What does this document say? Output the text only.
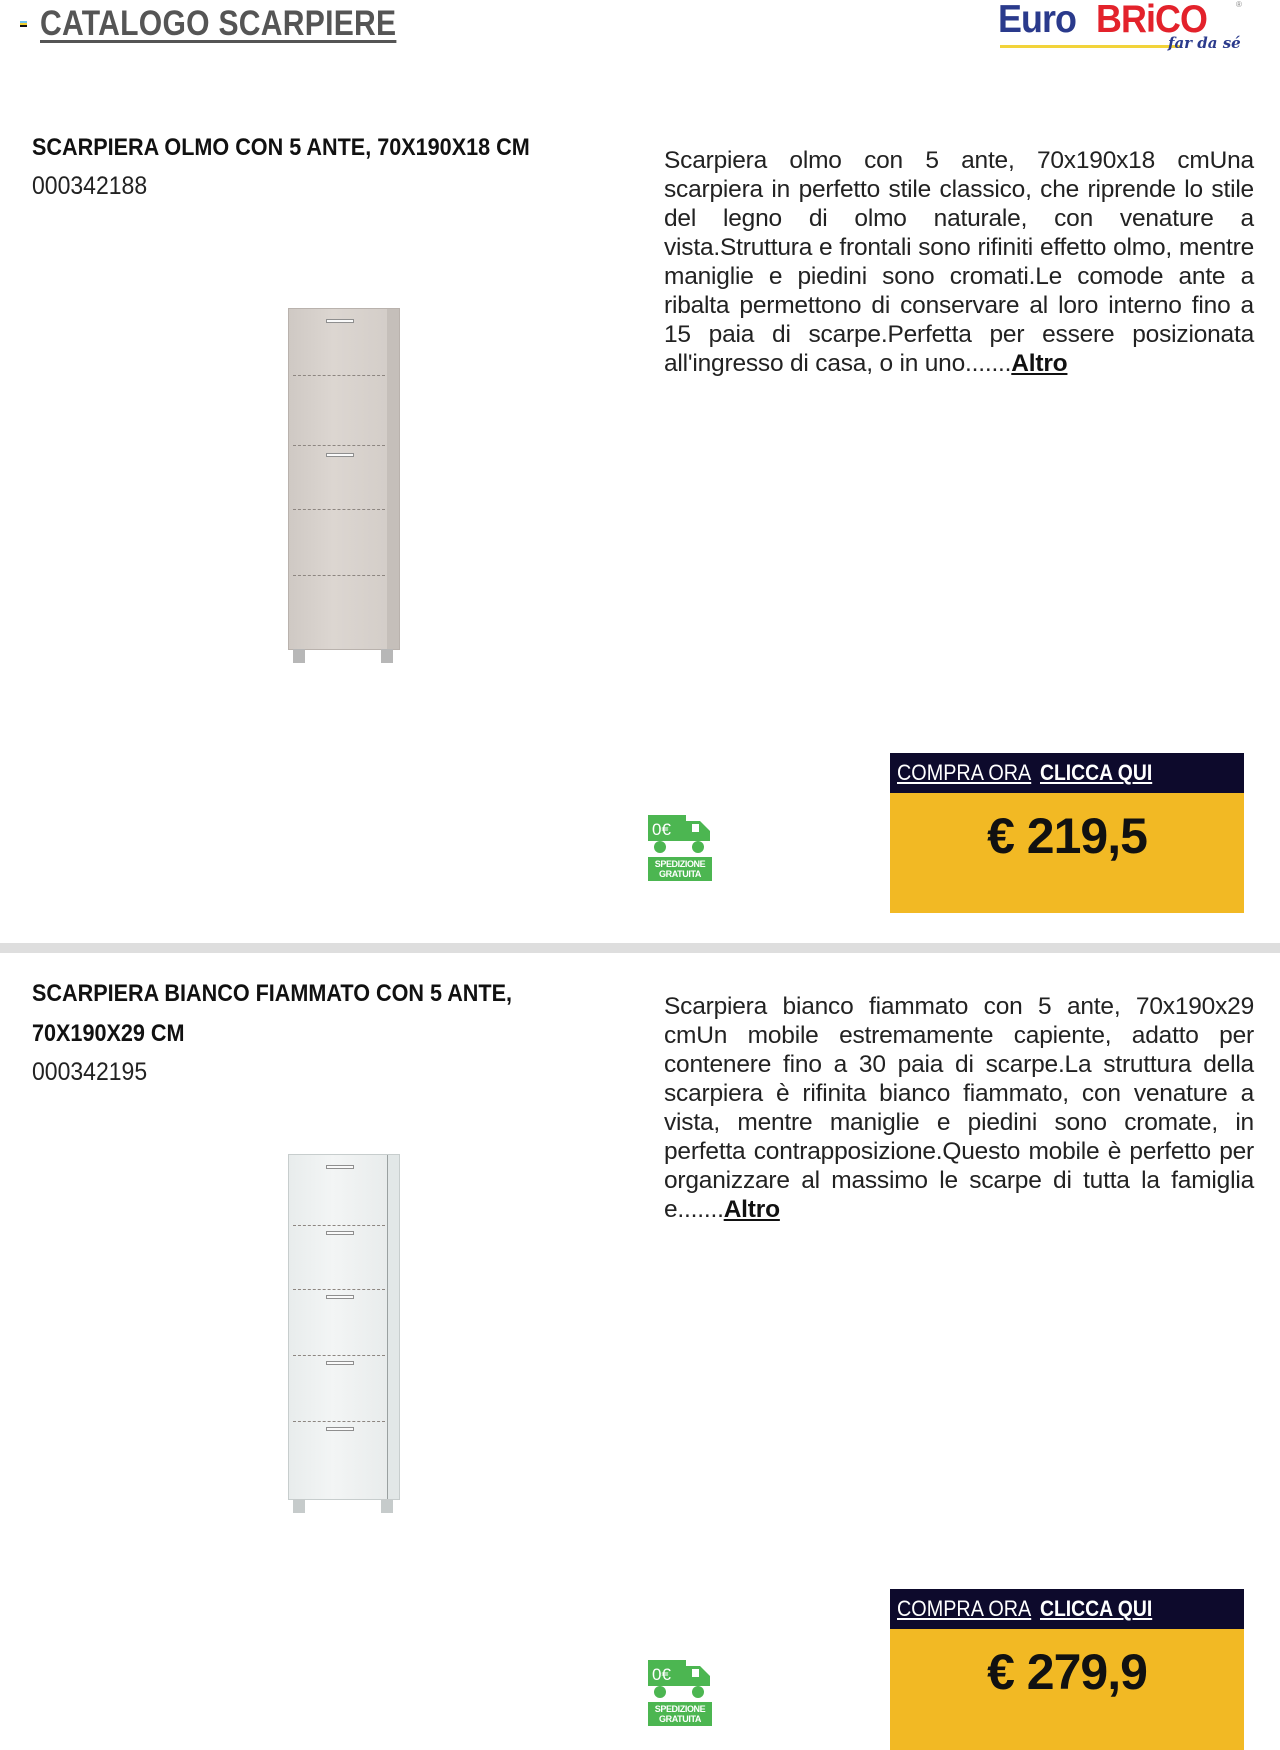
CATALOGO SCARPIERE	Euro BRiCO	®
far da sé
SCARPIERA OLMO CON 5 ANTE, 70X190X18 CM
000342188
Scarpiera olmo con 5 ante, 70x190x18 cmUna scarpiera in perfetto stile classico, che riprende lo stile del legno di olmo naturale, con venature a vista.Struttura e frontali sono rifiniti effetto olmo, mentre maniglie e piedini sono cromati.Le comode ante a ribalta permettono di conservare al loro interno fino a 15 paia di scarpe.Perfetta per essere posizionata all'ingresso di casa, o in uno.......Altro
0€
SPEDIZIONE
GRATUITA
COMPRA ORA CLICCA QUI
€ 219,5
SCARPIERA BIANCO FIAMMATO CON 5 ANTE, 70X190X29 CM
000342195
Scarpiera bianco fiammato con 5 ante, 70x190x29 cmUn mobile estremamente capiente, adatto per contenere fino a 30 paia di scarpe.La struttura della scarpiera è rifinita bianco fiammato, con venature a vista, mentre maniglie e piedini sono cromate, in perfetta contrapposizione.Questo mobile è perfetto per organizzare al massimo le scarpe di tutta la famiglia e.......Altro
0€
SPEDIZIONE
GRATUITA
COMPRA ORA CLICCA QUI
€ 279,9
